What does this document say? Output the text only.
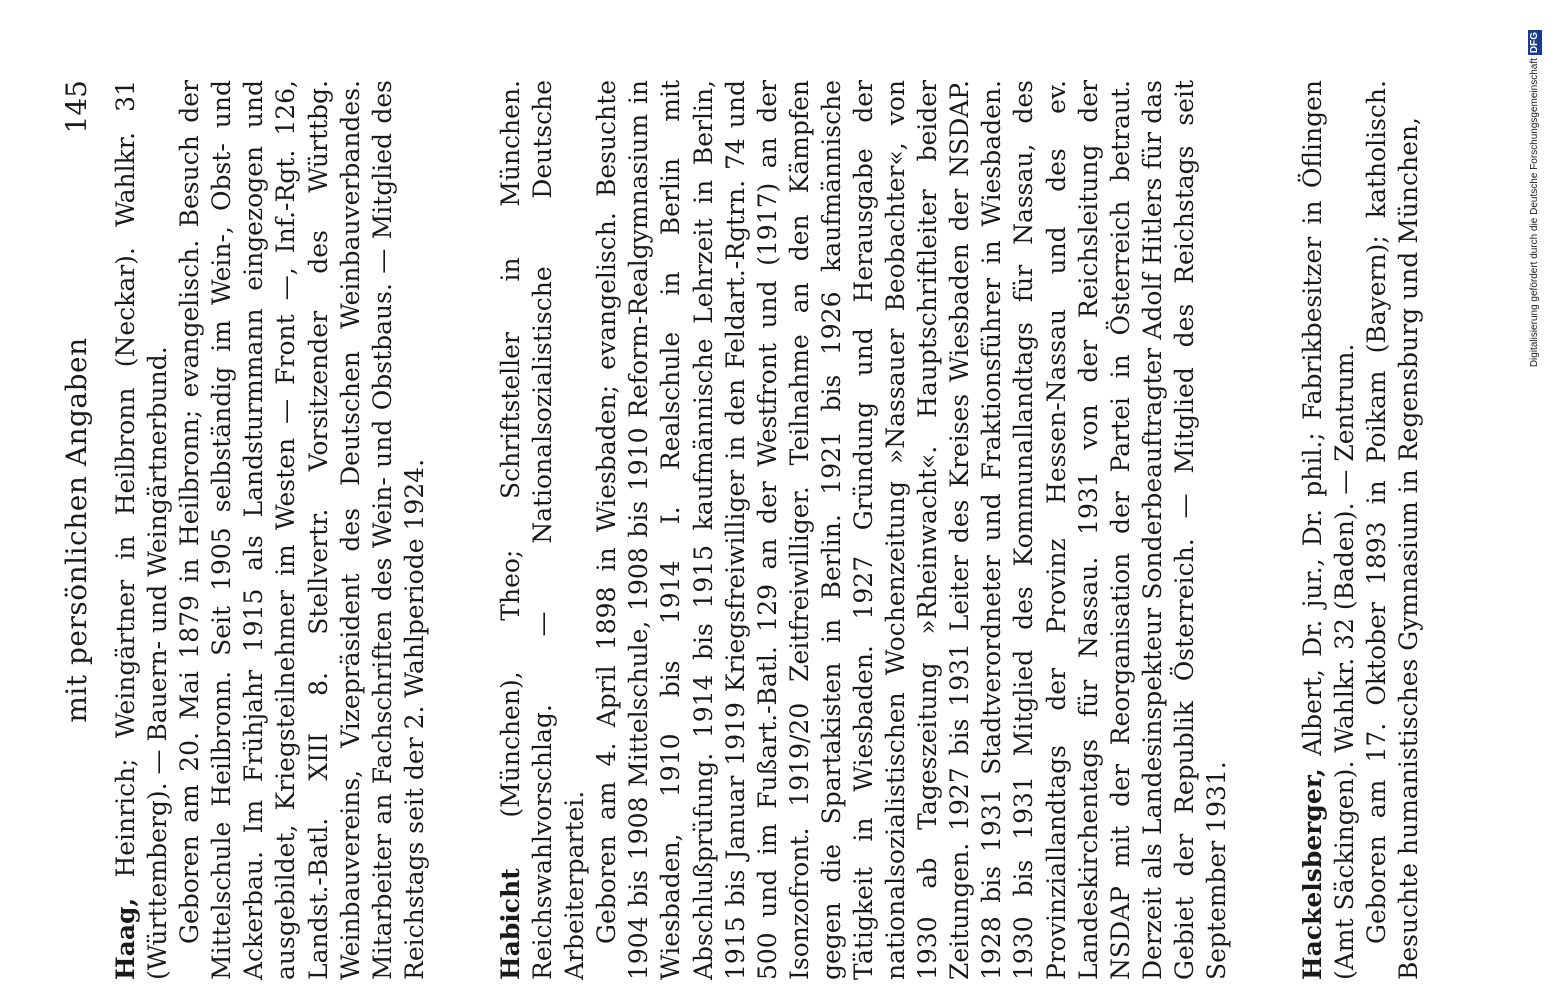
mit persönlichen Angaben
145

Haag, Heinrich; Weingärtner in Heilbronn (Neckar). Wahlkr. 31 (Württemberg). — Bauern- und Weingärtnerbund. Geboren am 20. Mai 1879 in Heilbronn; evangelisch. Besuch der Mittelschule Heilbronn. Seit 1905 selbständig im Wein-, Obst- und Ackerbau. Im Frühjahr 1915 als Landsturmmann eingezogen und ausgebildet, Kriegsteilnehmer im Westen — Front —, Inf.-Rgt. 126, Landst.-Batl. XIII 8. Stellvertr. Vorsitzender des Württbg. Weinbauvereins, Vizepräsident des Deutschen Weinbauverbandes. Mitarbeiter an Fachschriften des Wein- und Obstbaus. — Mitglied des Reichstags seit der 2. Wahlperiode 1924.	Habicht (München), Theo; Schriftsteller in München. Reichswahlvorschlag. — Nationalsozialistische Deutsche Arbeiterpartei. Geboren am 4. April 1898 in Wiesbaden; evangelisch. Besuchte 1904 bis 1908 Mittelschule, 1908 bis 1910 Reform-Realgymnasium in Wiesbaden, 1910 bis 1914 I. Realschule in Berlin mit Abschlußprüfung. 1914 bis 1915 kaufmännische Lehrzeit in Berlin, 1915 bis Januar 1919 Kriegsfreiwilliger in den Feldart.-Rgtrn. 74 und 500 und im Fußart.-Batl. 129 an der Westfront und (1917) an der Isonzofront. 1919/20 Zeitfreiwilliger. Teilnahme an den Kämpfen gegen die Spartakisten in Berlin. 1921 bis 1926 kaufmännische Tätigkeit in Wiesbaden. 1927 Gründung und Herausgabe der nationalsozialistischen Wochenzeitung »Nassauer Beobachter«, von 1930 ab Tageszeitung »Rheinwacht«. Hauptschriftleiter beider Zeitungen. 1927 bis 1931 Leiter des Kreises Wiesbaden der NSDAP. 1928 bis 1931 Stadtverordneter und Fraktionsführer in Wiesbaden. 1930 bis 1931 Mitglied des Kommunallandtags für Nassau, des Provinziallandtags der Provinz Hessen-Nassau und des ev. Landeskirchentags für Nassau. 1931 von der Reichsleitung der NSDAP mit der Reorganisation der Partei in Österreich betraut. Derzeit als Landesinspekteur Sonderbeauftragter Adolf Hitlers für das Gebiet der Republik Österreich. — Mitglied des Reichstags seit September 1931.	Hackelsberger, Albert, Dr. jur., Dr. phil.; Fabrikbesitzer in Öflingen (Amt Säckingen). Wahlkr. 32 (Baden). — Zentrum. Geboren am 17. Oktober 1893 in Poikam (Bayern); katholisch. Besuchte humanistisches Gymnasium in Regensburg und München,	Digitalisierung gefördert durch die Deutsche ForschungsgemeinschaftDFG
